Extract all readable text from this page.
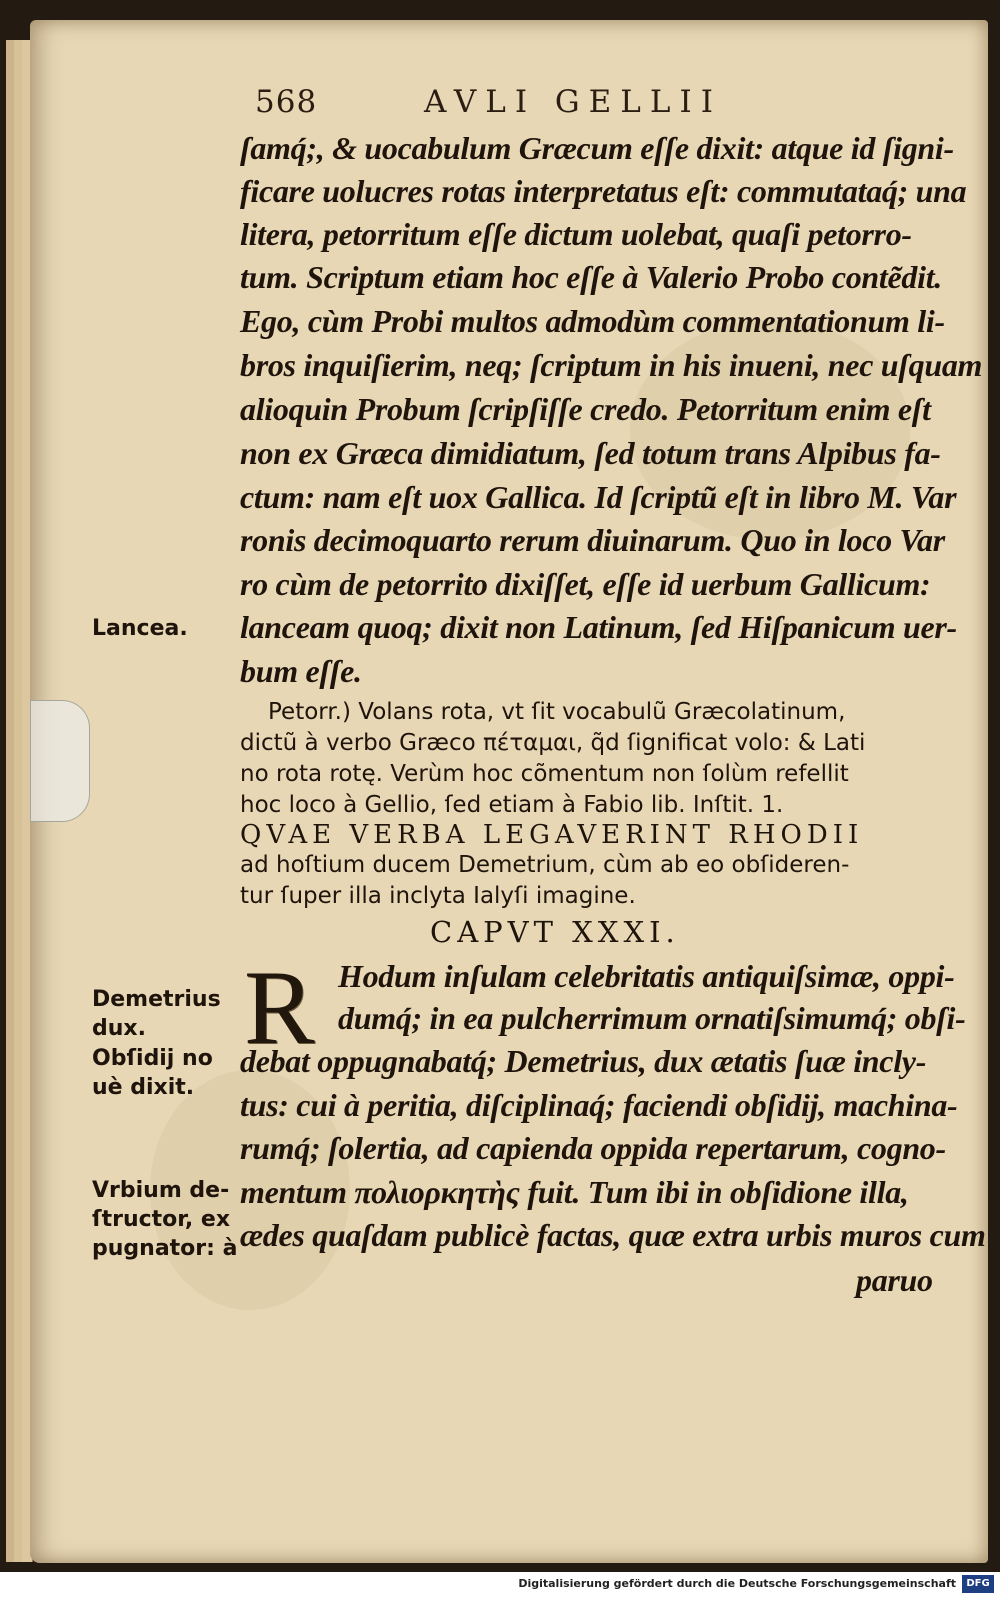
568	AVLI GELLII
ſamq́;, & uocabulum Græcum eſſe dixit: atque id ſigni-
ficare uolucres rotas interpretatus eſt: commutataq́; una
litera, petorritum eſſe dictum uolebat, quaſi petorro-
tum. Scriptum etiam hoc eſſe à Valerio Probo contẽdit.
Ego, cùm Probi multos admodùm commentationum li-
bros inquiſierim, neq; ſcriptum in his inueni, nec uſquam
alioquin Probum ſcripſiſſe credo. Petorritum enim eſt
non ex Græca dimidiatum, ſed totum trans Alpibus fa-
ctum: nam eſt uox Gallica. Id ſcriptũ eſt in libro M. Var
ronis decimoquarto rerum diuinarum. Quo in loco Var
ro cùm de petorrito dixiſſet, eſſe id uerbum Gallicum:
lanceam quoq; dixit non Latinum, ſed Hiſpanicum uer-
bum eſſe.
Petorr.) Volans rota, vt ſit vocabulũ Græcolatinum,
dictũ à verbo Græco πέταμαι, q̃d ſignificat volo: & Lati
no rota rotę. Verùm hoc cõmentum non ſolùm refellit
hoc loco à Gellio, ſed etiam à Fabio lib. Inſtit. 1.
QVAE VERBA LEGAVERINT RHODII
ad hoſtium ducem Demetrium, cùm ab eo obſideren-
tur ſuper illa inclyta Ialyſi imagine.
CAPVT XXXI.
R Hodum inſulam celebritatis antiquiſsimæ, oppi-
dumq́; in ea pulcherrimum ornatiſsimumq́; obſi-
debat oppugnabatq́; Demetrius, dux ætatis ſuæ incly-
tus: cui à peritia, diſciplinaq́; faciendi obſidij, machina-
rumq́; ſolertia, ad capienda oppida repertarum, cogno-
mentum πολιορκητὴς fuit. Tum ibi in obſidione illa,
ædes quaſdam publicè factas, quæ extra urbis muros cum
paruo
Lancea.
Demetrius
dux.
Obſidĳ no
uè dixit.
Vrbium de-
ſtructor, ex
pugnator: à
Digitalisierung gefördert durch die Deutsche Forschungsgemeinschaft	DFG
